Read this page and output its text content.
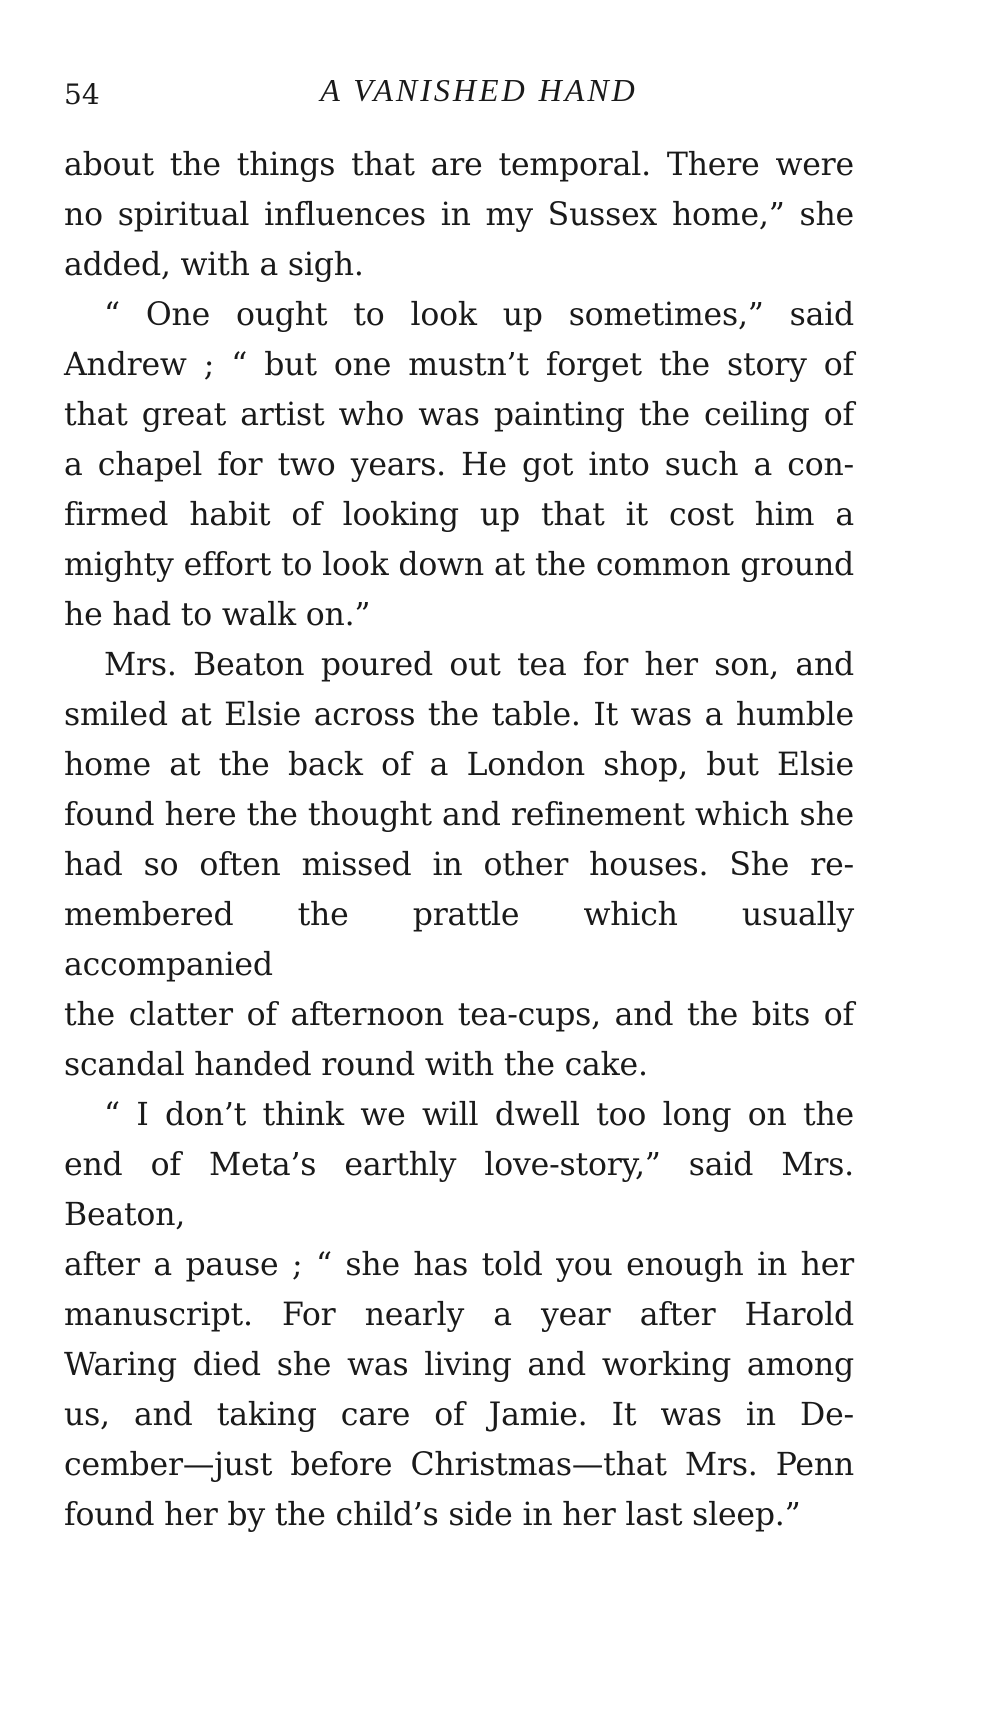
54	A VANISHED HAND

about the things that are temporal. There were
no spiritual influences in my Sussex home,” she
added, with a sigh.

“ One ought to look up sometimes,” said
Andrew ; “ but one mustn’t forget the story of
that great artist who was painting the ceiling of
a chapel for two years. He got into such a con-
firmed habit of looking up that it cost him a
mighty effort to look down at the common ground
he had to walk on.”

Mrs. Beaton poured out tea for her son, and
smiled at Elsie across the table. It was a humble
home at the back of a London shop, but Elsie
found here the thought and refinement which she
had so often missed in other houses. She re-
membered the prattle which usually accompanied
the clatter of afternoon tea-cups, and the bits of
scandal handed round with the cake.

“ I don’t think we will dwell too long on the
end of Meta’s earthly love-story,” said Mrs. Beaton,
after a pause ; “ she has told you enough in her
manuscript. For nearly a year after Harold
Waring died she was living and working among
us, and taking care of Jamie. It was in De-
cember—just before Christmas—that Mrs. Penn
found her by the child’s side in her last sleep.”
